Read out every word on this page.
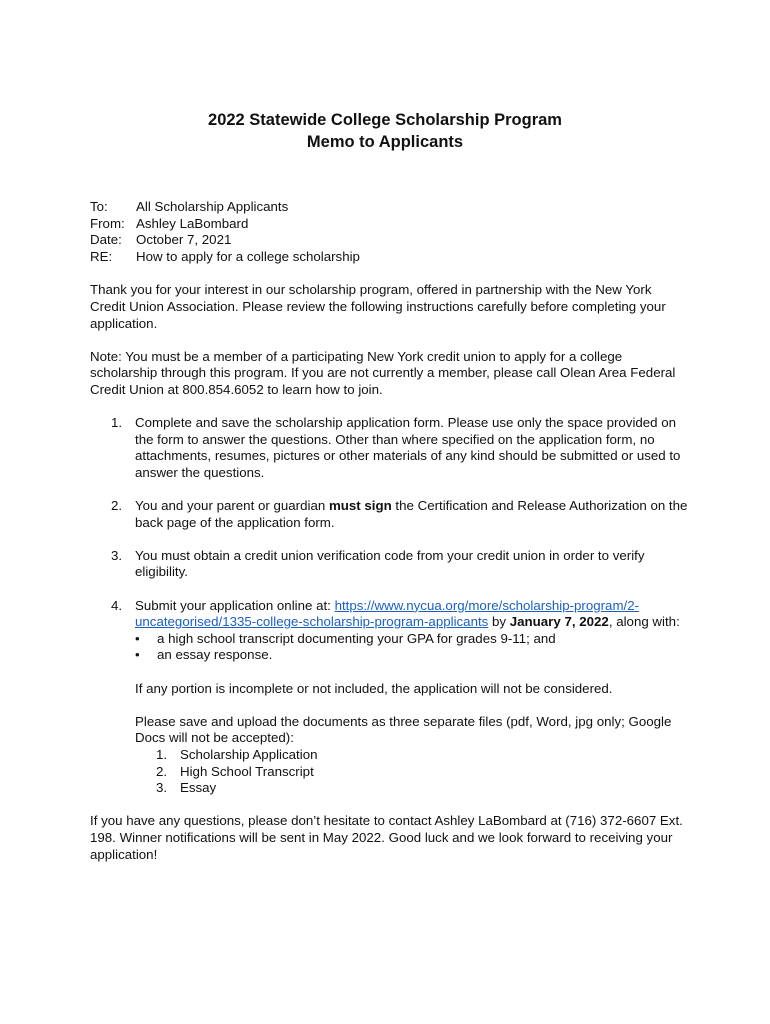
2022 Statewide College Scholarship Program
Memo to Applicants
To:	All Scholarship Applicants
From:	Ashley LaBombard
Date:	October 7, 2021
RE:	How to apply for a college scholarship

Thank you for your interest in our scholarship program, offered in partnership with the New York Credit Union Association. Please review the following instructions carefully before completing your application.

Note: You must be a member of a participating New York credit union to apply for a college scholarship through this program. If you are not currently a member, please call Olean Area Federal Credit Union at 800.854.6052 to learn how to join.

1. Complete and save the scholarship application form. Please use only the space provided on the form to answer the questions. Other than where specified on the application form, no attachments, resumes, pictures or other materials of any kind should be submitted or used to answer the questions.
2. You and your parent or guardian must sign the Certification and Release Authorization on the back page of the application form.
3. You must obtain a credit union verification code from your credit union in order to verify eligibility.
4. Submit your application online at: https://www.nycua.org/more/scholarship-program/2-uncategorised/1335-college-scholarship-program-applicants by January 7, 2022, along with:
• a high school transcript documenting your GPA for grades 9-11; and
• an essay response.

If any portion is incomplete or not included, the application will not be considered.

Please save and upload the documents as three separate files (pdf, Word, jpg only; Google Docs will not be accepted):

1. Scholarship Application
2. High School Transcript
3. Essay

If you have any questions, please don’t hesitate to contact Ashley LaBombard at (716) 372-6607 Ext. 198. Winner notifications will be sent in May 2022. Good luck and we look forward to receiving your application!
